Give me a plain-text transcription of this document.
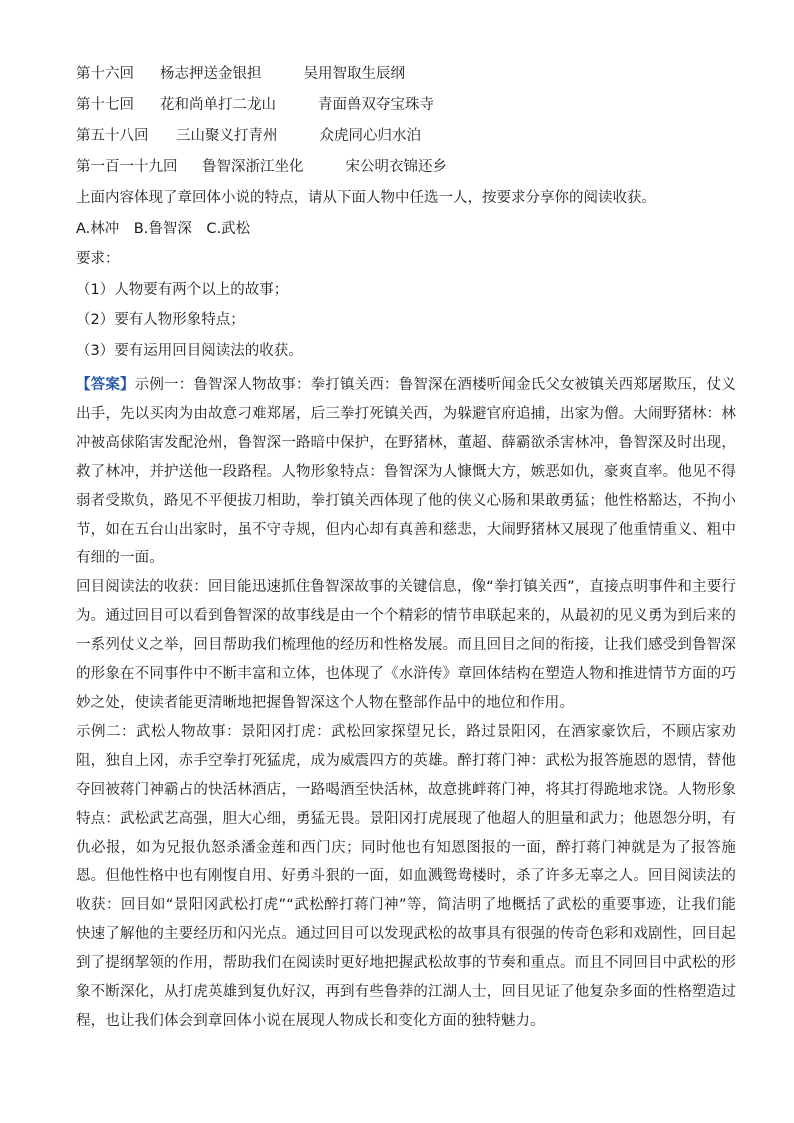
第十六回 杨志押送金银担	吴用智取生辰纲
第十七回 花和尚单打二龙山	青面兽双夺宝珠寺
第五十八回 三山聚义打青州	众虎同心归水泊
第一百一十九回 鲁智深浙江坐化	宋公明衣锦还乡
上面内容体现了章回体小说的特点，请从下面人物中任选一人，按要求分享你的阅读收获。
A.林冲　B.鲁智深　C.武松
要求：
（1）人物要有两个以上的故事；
（2）要有人物形象特点；
（3）要有运用回目阅读法的收获。
【答案】示例一：鲁智深人物故事：拳打镇关西：鲁智深在酒楼听闻金氏父女被镇关西郑屠欺压，仗义出手，先以买肉为由故意刁难郑屠，后三拳打死镇关西，为躲避官府追捕，出家为僧。大闹野猪林：林冲被高俅陷害发配沧州，鲁智深一路暗中保护，在野猪林，董超、薛霸欲杀害林冲，鲁智深及时出现，救了林冲，并护送他一段路程。人物形象特点：鲁智深为人慷慨大方，嫉恶如仇，豪爽直率。他见不得弱者受欺负，路见不平便拔刀相助，拳打镇关西体现了他的侠义心肠和果敢勇猛；他性格豁达，不拘小节，如在五台山出家时，虽不守寺规，但内心却有真善和慈悲，大闹野猪林又展现了他重情重义、粗中有细的一面。
回目阅读法的收获：回目能迅速抓住鲁智深故事的关键信息，像“拳打镇关西”，直接点明事件和主要行为。通过回目可以看到鲁智深的故事线是由一个个精彩的情节串联起来的，从最初的见义勇为到后来的一系列仗义之举，回目帮助我们梳理他的经历和性格发展。而且回目之间的衔接，让我们感受到鲁智深的形象在不同事件中不断丰富和立体，也体现了《水浒传》章回体结构在塑造人物和推进情节方面的巧妙之处，使读者能更清晰地把握鲁智深这个人物在整部作品中的地位和作用。
示例二：武松人物故事：景阳冈打虎：武松回家探望兄长，路过景阳冈，在酒家豪饮后，不顾店家劝阻，独自上冈，赤手空拳打死猛虎，成为威震四方的英雄。醉打蒋门神：武松为报答施恩的恩情，替他夺回被蒋门神霸占的快活林酒店，一路喝酒至快活林，故意挑衅蒋门神，将其打得跪地求饶。人物形象特点：武松武艺高强，胆大心细，勇猛无畏。景阳冈打虎展现了他超人的胆量和武力；他恩怨分明，有仇必报，如为兄报仇怒杀潘金莲和西门庆；同时他也有知恩图报的一面，醉打蒋门神就是为了报答施恩。但他性格中也有刚愎自用、好勇斗狠的一面，如血溅鸳鸯楼时，杀了许多无辜之人。回目阅读法的收获：回目如“景阳冈武松打虎”“武松醉打蒋门神”等，简洁明了地概括了武松的重要事迹，让我们能快速了解他的主要经历和闪光点。通过回目可以发现武松的故事具有很强的传奇色彩和戏剧性，回目起到了提纲挈领的作用，帮助我们在阅读时更好地把握武松故事的节奏和重点。而且不同回目中武松的形象不断深化，从打虎英雄到复仇好汉，再到有些鲁莽的江湖人士，回目见证了他复杂多面的性格塑造过程，也让我们体会到章回体小说在展现人物成长和变化方面的独特魅力。
